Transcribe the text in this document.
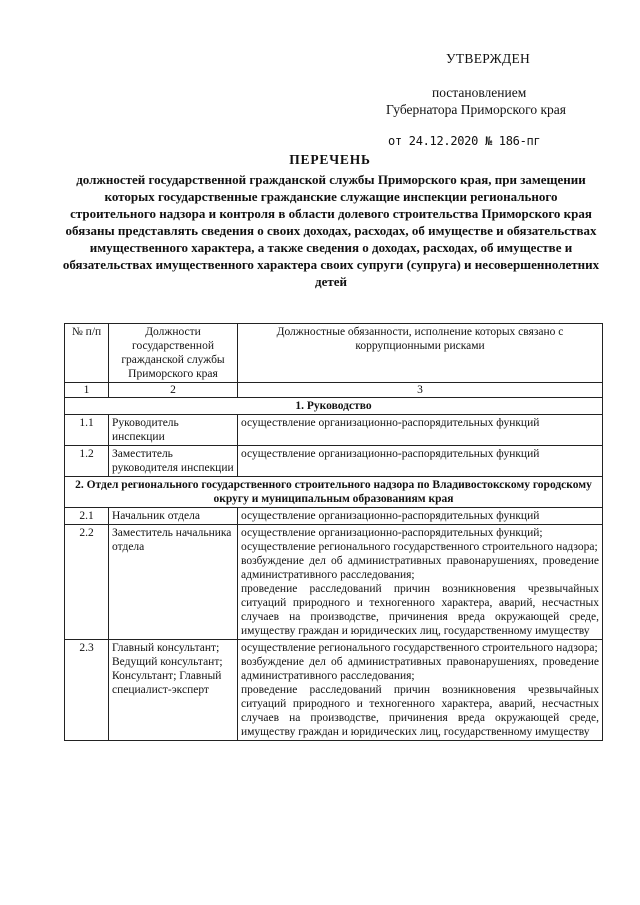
УТВЕРЖДЕН
постановлением
Губернатора Приморского края
от 24.12.2020 № 186-пг
ПЕРЕЧЕНЬ
должностей государственной гражданской службы Приморского края, при замещении которых государственные гражданские служащие инспекции регионального строительного надзора и контроля в области долевого строительства Приморского края обязаны представлять сведения о своих доходах, расходах, об имуществе и обязательствах имущественного характера, а также сведения о доходах, расходах, об имуществе и обязательствах имущественного характера своих супруги (супруга) и несовершеннолетних детей
№ п/п	Должности государственной гражданской службы Приморского края	Должностные обязанности, исполнение которых связано с коррупционными рисками
1	2	3
1. Руководство		
1.1	Руководитель инспекции	осуществление организационно-распорядительных функций

1.2	Заместитель руководителя инспекции	осуществление организационно-распорядительных функций

2. Отдел регионального государственного строительного надзора по Владивостокскому городскому округу и муниципальным образованиям края		
2.1	Начальник отдела	осуществление организационно-распорядительных функций

2.2	Заместитель начальника отдела	осуществление организационно-распорядительных функций;
осуществление регионального государственного строительного надзора;
возбуждение дел об административных правонарушениях, проведение административного расследования;
проведение расследований причин возникновения чрезвычайных ситуаций природного и техногенного характера, аварий, несчастных случаев на производстве, причинения вреда окружающей среде, имуществу граждан и юридических лиц, государственному имуществу

2.3	Главный консультант; Ведущий консультант; Консультант; Главный специалист-эксперт	осуществление регионального государственного строительного надзора;
возбуждение дел об административных правонарушениях, проведение административного расследования;
проведение расследований причин возникновения чрезвычайных ситуаций природного и техногенного характера, аварий, несчастных случаев на производстве, причинения вреда окружающей среде, имуществу граждан и юридических лиц, государственному имуществу
